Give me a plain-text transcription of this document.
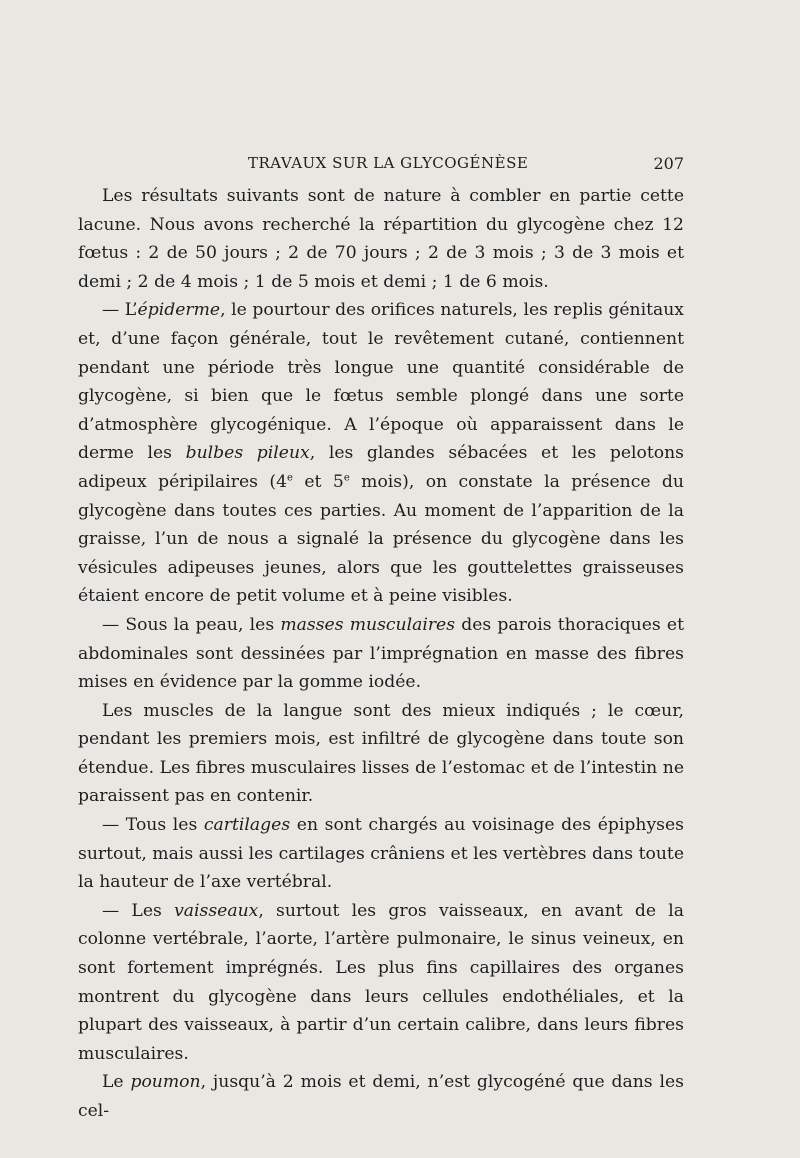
TRAVAUX SUR LA GLYCOGÉNÈSE	207

Les résultats suivants sont de nature à combler en partie cette lacune. Nous avons recherché la répartition du glycogène chez 12 fœtus : 2 de 50 jours ; 2 de 70 jours ; 2 de 3 mois ; 3 de 3 mois et demi ; 2 de 4 mois ; 1 de 5 mois et demi ; 1 de 6 mois.

— L’épiderme, le pourtour des orifices naturels, les replis génitaux et, d’une façon générale, tout le revêtement cutané, contiennent pendant une période très longue une quantité considérable de glycogène, si bien que le fœtus semble plongé dans une sorte d’atmosphère glycogénique. A l’époque où apparaissent dans le derme les bulbes pileux, les glandes sébacées et les pelotons adipeux péripilaires (4e et 5e mois), on constate la présence du glycogène dans toutes ces parties. Au moment de l’apparition de la graisse, l’un de nous a signalé la présence du glycogène dans les vésicules adipeuses jeunes, alors que les gouttelettes graisseuses étaient encore de petit volume et à peine visibles.

— Sous la peau, les masses musculaires des parois thoraciques et abdominales sont dessinées par l’imprégnation en masse des fibres mises en évidence par la gomme iodée.

Les muscles de la langue sont des mieux indiqués ; le cœur, pendant les premiers mois, est infiltré de glycogène dans toute son étendue. Les fibres musculaires lisses de l’estomac et de l’intestin ne paraissent pas en contenir.

— Tous les cartilages en sont chargés au voisinage des épiphyses surtout, mais aussi les cartilages crâniens et les vertèbres dans toute la hauteur de l’axe vertébral.

— Les vaisseaux, surtout les gros vaisseaux, en avant de la colonne vertébrale, l’aorte, l’artère pulmonaire, le sinus veineux, en sont fortement imprégnés. Les plus fins capillaires des organes montrent du glycogène dans leurs cellules endothéliales, et la plupart des vaisseaux, à partir d’un certain calibre, dans leurs fibres musculaires.

Le poumon, jusqu’à 2 mois et demi, n’est glycogéné que dans les cel-
